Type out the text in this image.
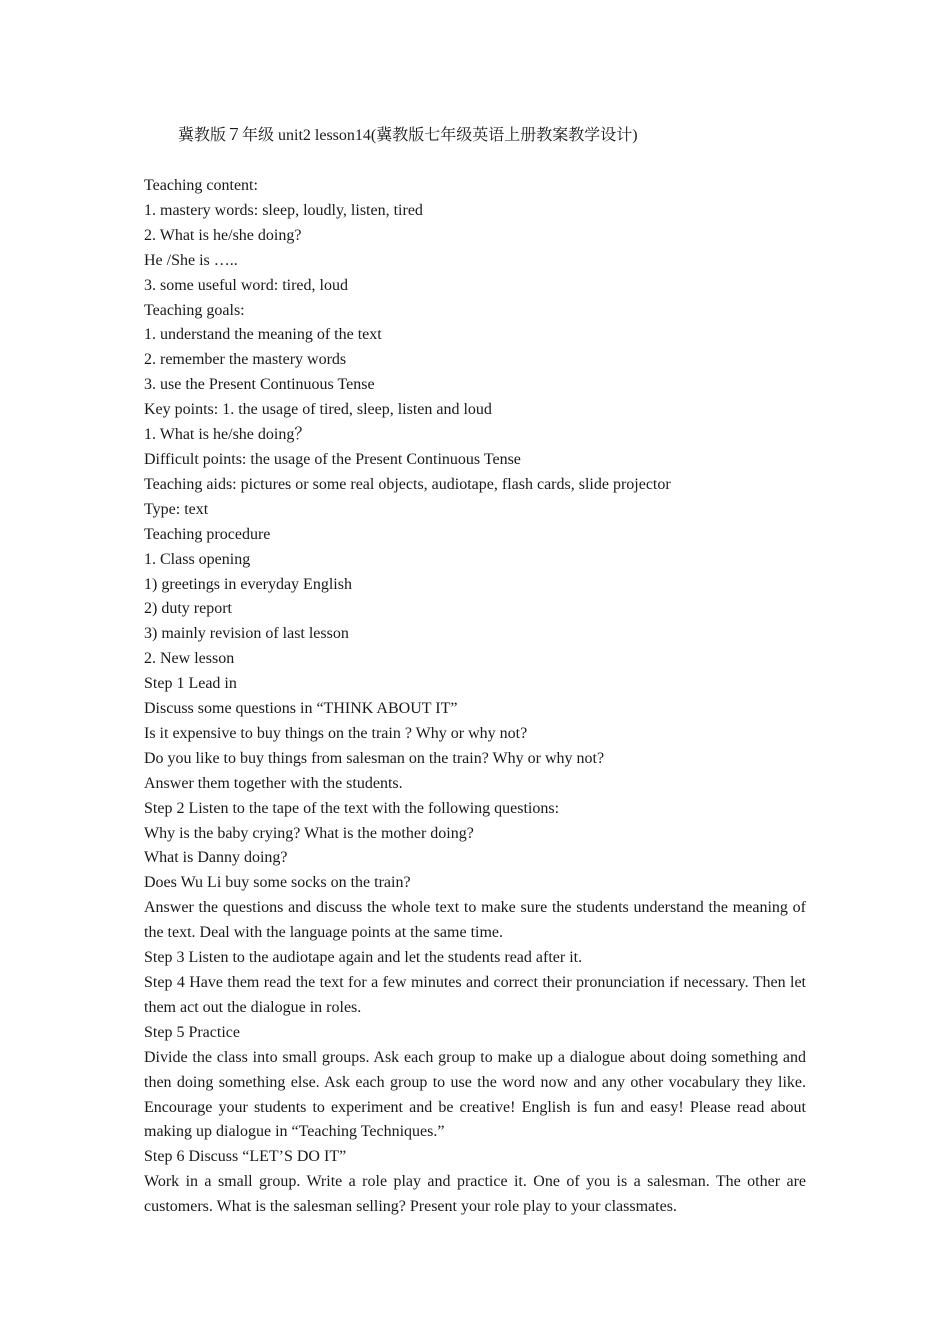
冀教版７年级 unit2 lesson14(冀教版七年级英语上册教案教学设计)
Teaching content:
1. mastery words: sleep, loudly, listen, tired
2. What is he/she doing?
He /She is …..
3. some useful word: tired, loud
Teaching goals:
1. understand the meaning of the text
2. remember the mastery words
3. use the Present Continuous Tense
Key points: 1. the usage of tired, sleep, listen and loud
1. What is he/she doing？
Difficult points: the usage of the Present Continuous Tense
Teaching aids: pictures or some real objects, audiotape, flash cards, slide projector
Type: text
Teaching procedure
1. Class opening
1) greetings in everyday English
2) duty report
3) mainly revision of last lesson
2. New lesson
Step 1 Lead in
Discuss some questions in “THINK ABOUT IT”
Is it expensive to buy things on the train ? Why or why not?
Do you like to buy things from salesman on the train? Why or why not?
Answer them together with the students.
Step 2 Listen to the tape of the text with the following questions:
Why is the baby crying? What is the mother doing?
What is Danny doing?
Does Wu Li buy some socks on the train?
Answer the questions and discuss the whole text to make sure the students understand the meaning of the text. Deal with the language points at the same time.
Step 3 Listen to the audiotape again and let the students read after it.
Step 4 Have them read the text for a few minutes and correct their pronunciation if necessary. Then let them act out the dialogue in roles.
Step 5 Practice
Divide the class into small groups. Ask each group to make up a dialogue about doing something and then doing something else. Ask each group to use the word now and any other vocabulary they like. Encourage your students to experiment and be creative! English is fun and easy! Please read about making up dialogue in “Teaching Techniques.”
Step 6 Discuss “LET’S DO IT”
Work in a small group. Write a role play and practice it. One of you is a salesman. The other are customers. What is the salesman selling? Present your role play to your classmates.
